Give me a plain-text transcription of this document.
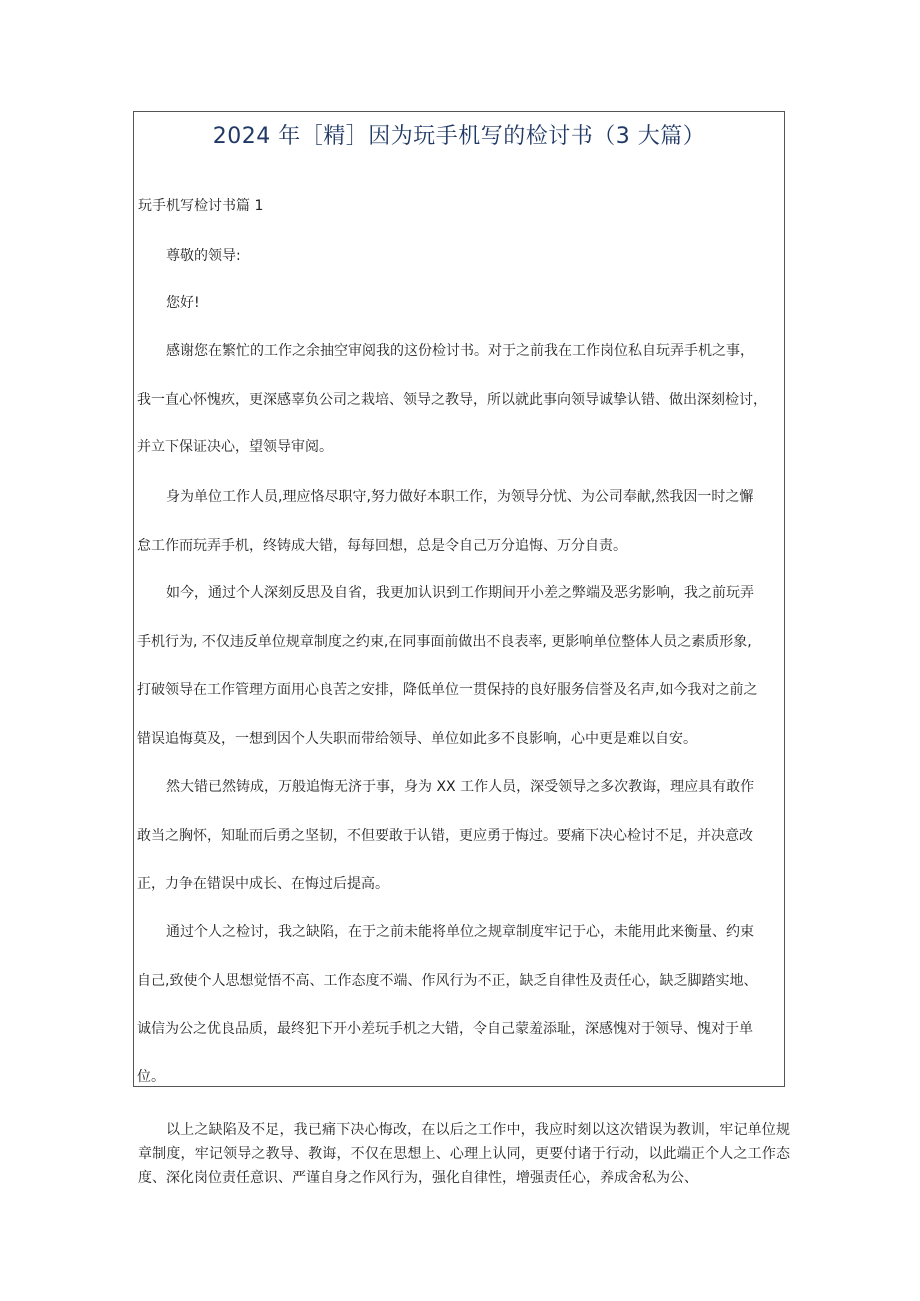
2024 年［精］因为玩手机写的检讨书（3 大篇）
玩手机写检讨书篇 1
尊敬的领导:
您好!
感谢您在繁忙的工作之余抽空审阅我的这份检讨书。对于之前我在工作岗位私自玩弄手机之事，
我一直心怀愧疚，更深感辜负公司之栽培、领导之教导，所以就此事向领导诚挚认错、做出深刻检讨，
并立下保证决心，望领导审阅。
身为单位工作人员,理应恪尽职守,努力做好本职工作，为领导分忧、为公司奉献,然我因一时之懈
怠工作而玩弄手机，终铸成大错，每每回想，总是令自己万分追悔、万分自责。
如今，通过个人深刻反思及自省，我更加认识到工作期间开小差之弊端及恶劣影响，我之前玩弄
手机行为, 不仅违反单位规章制度之约束,在同事面前做出不良表率, 更影响单位整体人员之素质形象,
打破领导在工作管理方面用心良苦之安排，降低单位一贯保持的良好服务信誉及名声,如今我对之前之
错误追悔莫及，一想到因个人失职而带给领导、单位如此多不良影响，心中更是难以自安。
然大错已然铸成，万般追悔无济于事，身为 XX 工作人员，深受领导之多次教诲，理应具有敢作
敢当之胸怀，知耻而后勇之坚韧，不但要敢于认错，更应勇于悔过。要痛下决心检讨不足，并决意改
正，力争在错误中成长、在悔过后提高。
通过个人之检讨，我之缺陷，在于之前未能将单位之规章制度牢记于心，未能用此来衡量、约束
自己,致使个人思想觉悟不高、工作态度不端、作风行为不正，缺乏自律性及责任心，缺乏脚踏实地、
诚信为公之优良品质，最终犯下开小差玩手机之大错，令自己蒙羞添耻，深感愧对于领导、愧对于单
位。
以上之缺陷及不足，我已痛下决心悔改，在以后之工作中，我应时刻以这次错误为教训，牢记单位规章制度，牢记领导之教导、教诲，不仅在思想上、心理上认同，更要付诸于行动，以此端正个人之工作态度、深化岗位责任意识、严谨自身之作风行为，强化自律性，增强责任心，养成舍私为公、
